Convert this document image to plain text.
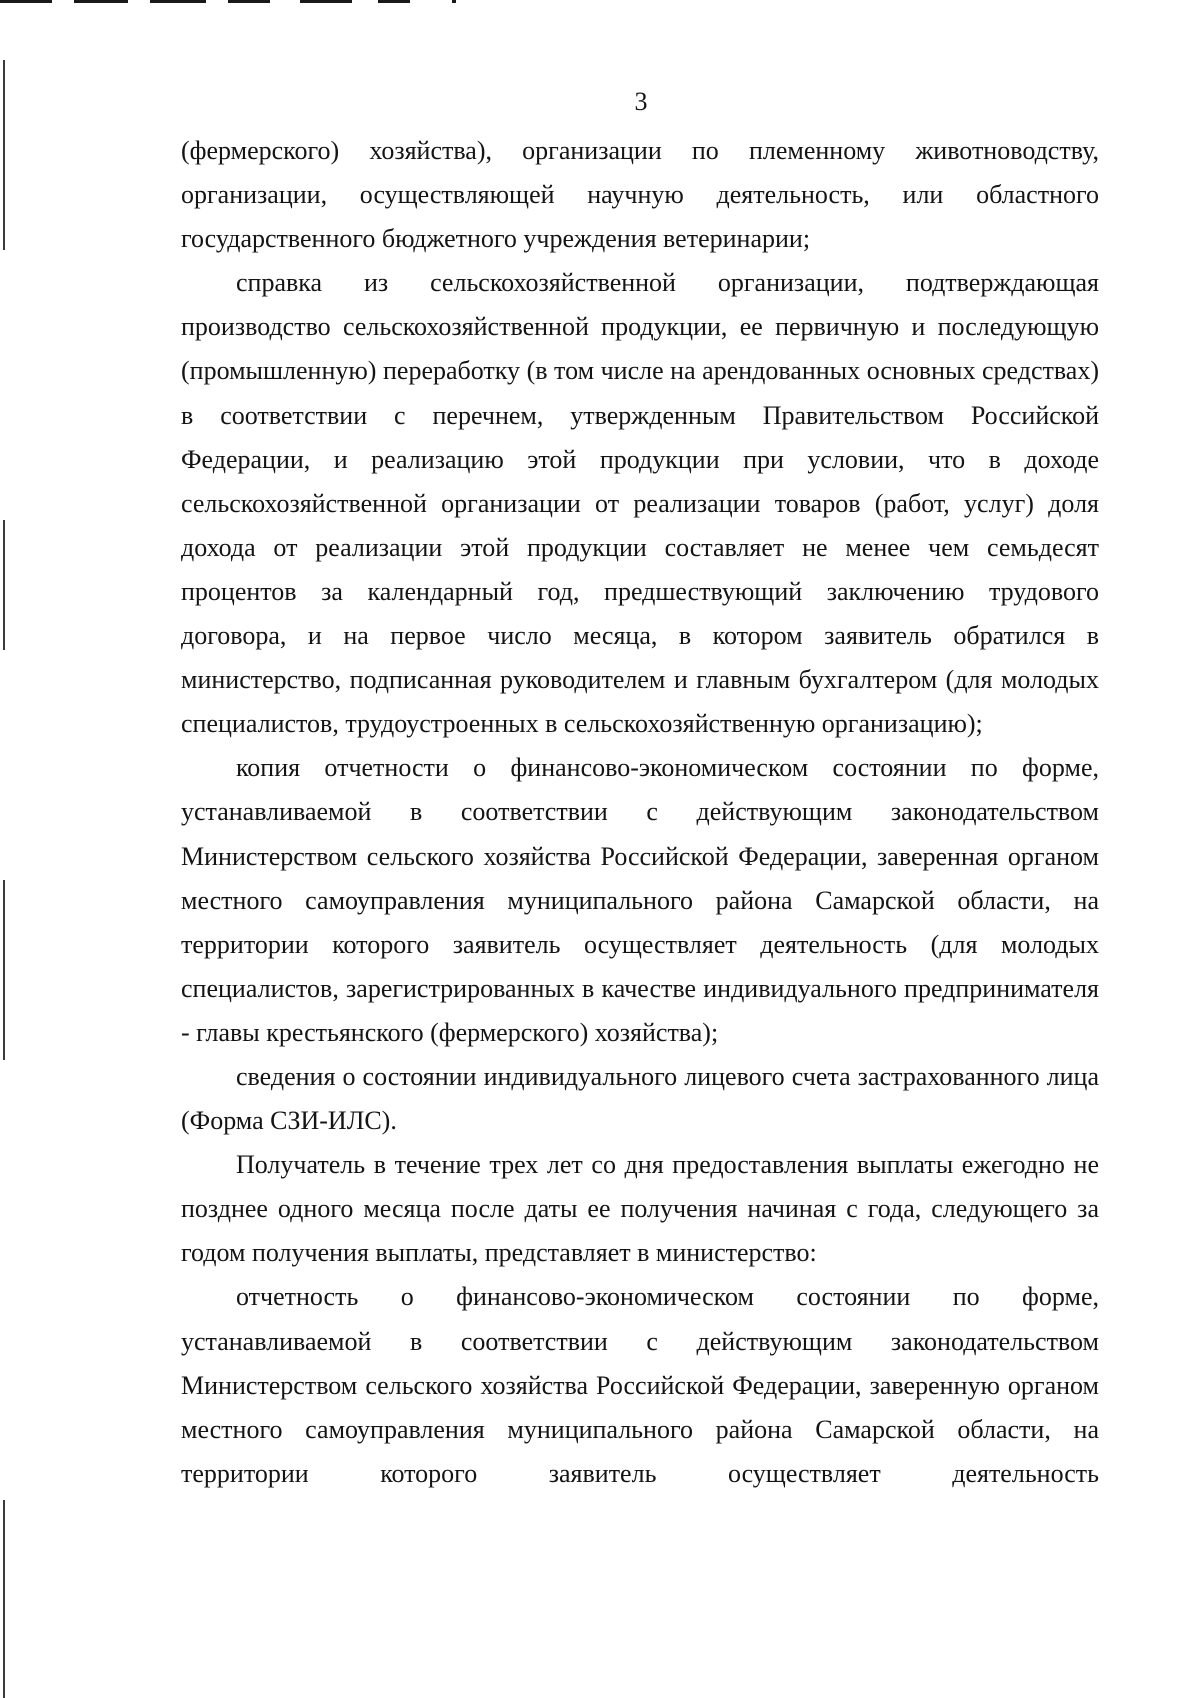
3

(фермерского) хозяйства), организации по племенному животноводству, организации, осуществляющей научную деятельность, или областного государственного бюджетного учреждения ветеринарии;

справка из сельскохозяйственной организации, подтверждающая производство сельскохозяйственной продукции, ее первичную и последующую (промышленную) переработку (в том числе на арендованных основных средствах) в соответствии с перечнем, утвержденным Правительством Российской Федерации, и реализацию этой продукции при условии, что в доходе сельскохозяйственной организации от реализации товаров (работ, услуг) доля дохода от реализации этой продукции составляет не менее чем семьдесят процентов за календарный год, предшествующий заключению трудового договора, и на первое число месяца, в котором заявитель обратился в министерство, подписанная руководителем и главным бухгалтером (для молодых специалистов, трудоустроенных в сельскохозяйственную организацию);

копия отчетности о финансово-экономическом состоянии по форме, устанавливаемой в соответствии с действующим законодательством Министерством сельского хозяйства Российской Федерации, заверенная органом местного самоуправления муниципального района Самарской области, на территории которого заявитель осуществляет деятельность (для молодых специалистов, зарегистрированных в качестве индивидуального предпринимателя - главы крестьянского (фермерского) хозяйства);

сведения о состоянии индивидуального лицевого счета застрахованного лица (Форма СЗИ-ИЛС).

Получатель в течение трех лет со дня предоставления выплаты ежегодно не позднее одного месяца после даты ее получения начиная с года, следующего за годом получения выплаты, представляет в министерство:

отчетность о финансово-экономическом состоянии по форме, устанавливаемой в соответствии с действующим законодательством Министерством сельского хозяйства Российской Федерации, заверенную органом местного самоуправления муниципального района Самарской области, на территории которого заявитель осуществляет деятельность
